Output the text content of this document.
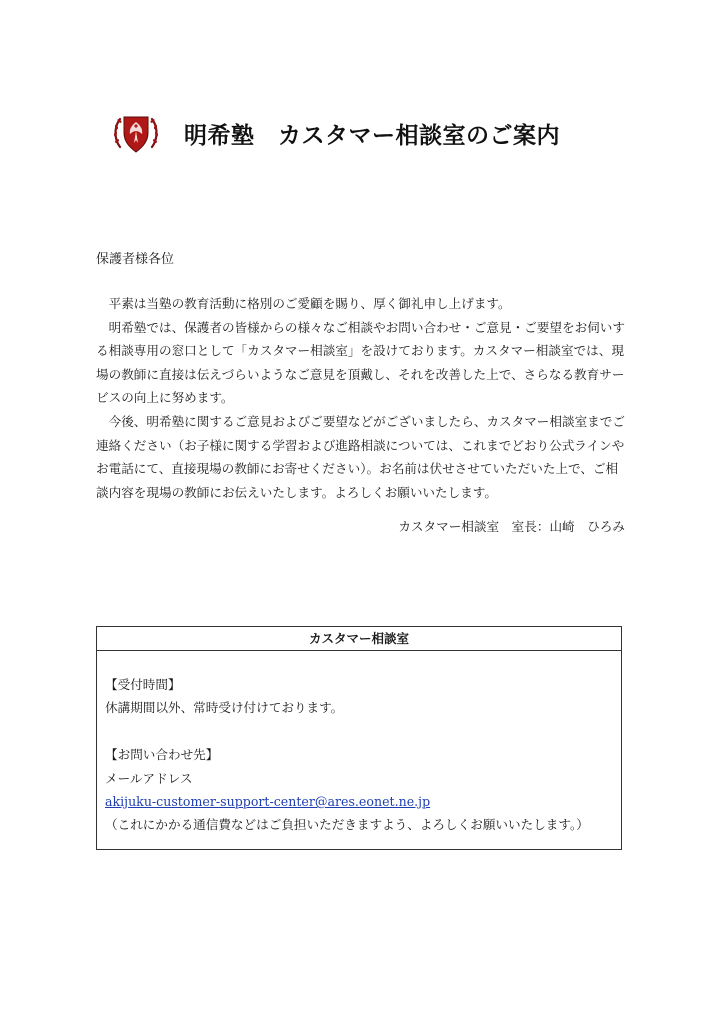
明希塾　カスタマー相談室のご案内
保護者様各位

平素は当塾の教育活動に格別のご愛顧を賜り、厚く御礼申し上げます。

明希塾では、保護者の皆様からの様々なご相談やお問い合わせ・ご意見・ご要望をお伺いする相談専用の窓口として「カスタマー相談室」を設けております。カスタマー相談室では、現場の教師に直接は伝えづらいようなご意見を頂戴し、それを改善した上で、さらなる教育サービスの向上に努めます。

今後、明希塾に関するご意見およびご要望などがございましたら、カスタマー相談室までご連絡ください（お子様に関する学習および進路相談については、これまでどおり公式ラインやお電話にて、直接現場の教師にお寄せください）。お名前は伏せさせていただいた上で、ご相談内容を現場の教師にお伝えいたします。よろしくお願いいたします。

カスタマー相談室　室長：山崎　ひろみ
カスタマー相談室
【受付時間】
休講期間以外、常時受け付けております。
【お問い合わせ先】
メールアドレス
akijuku-customer-support-center@ares.eonet.ne.jp
（これにかかる通信費などはご負担いただきますよう、よろしくお願いいたします。）
